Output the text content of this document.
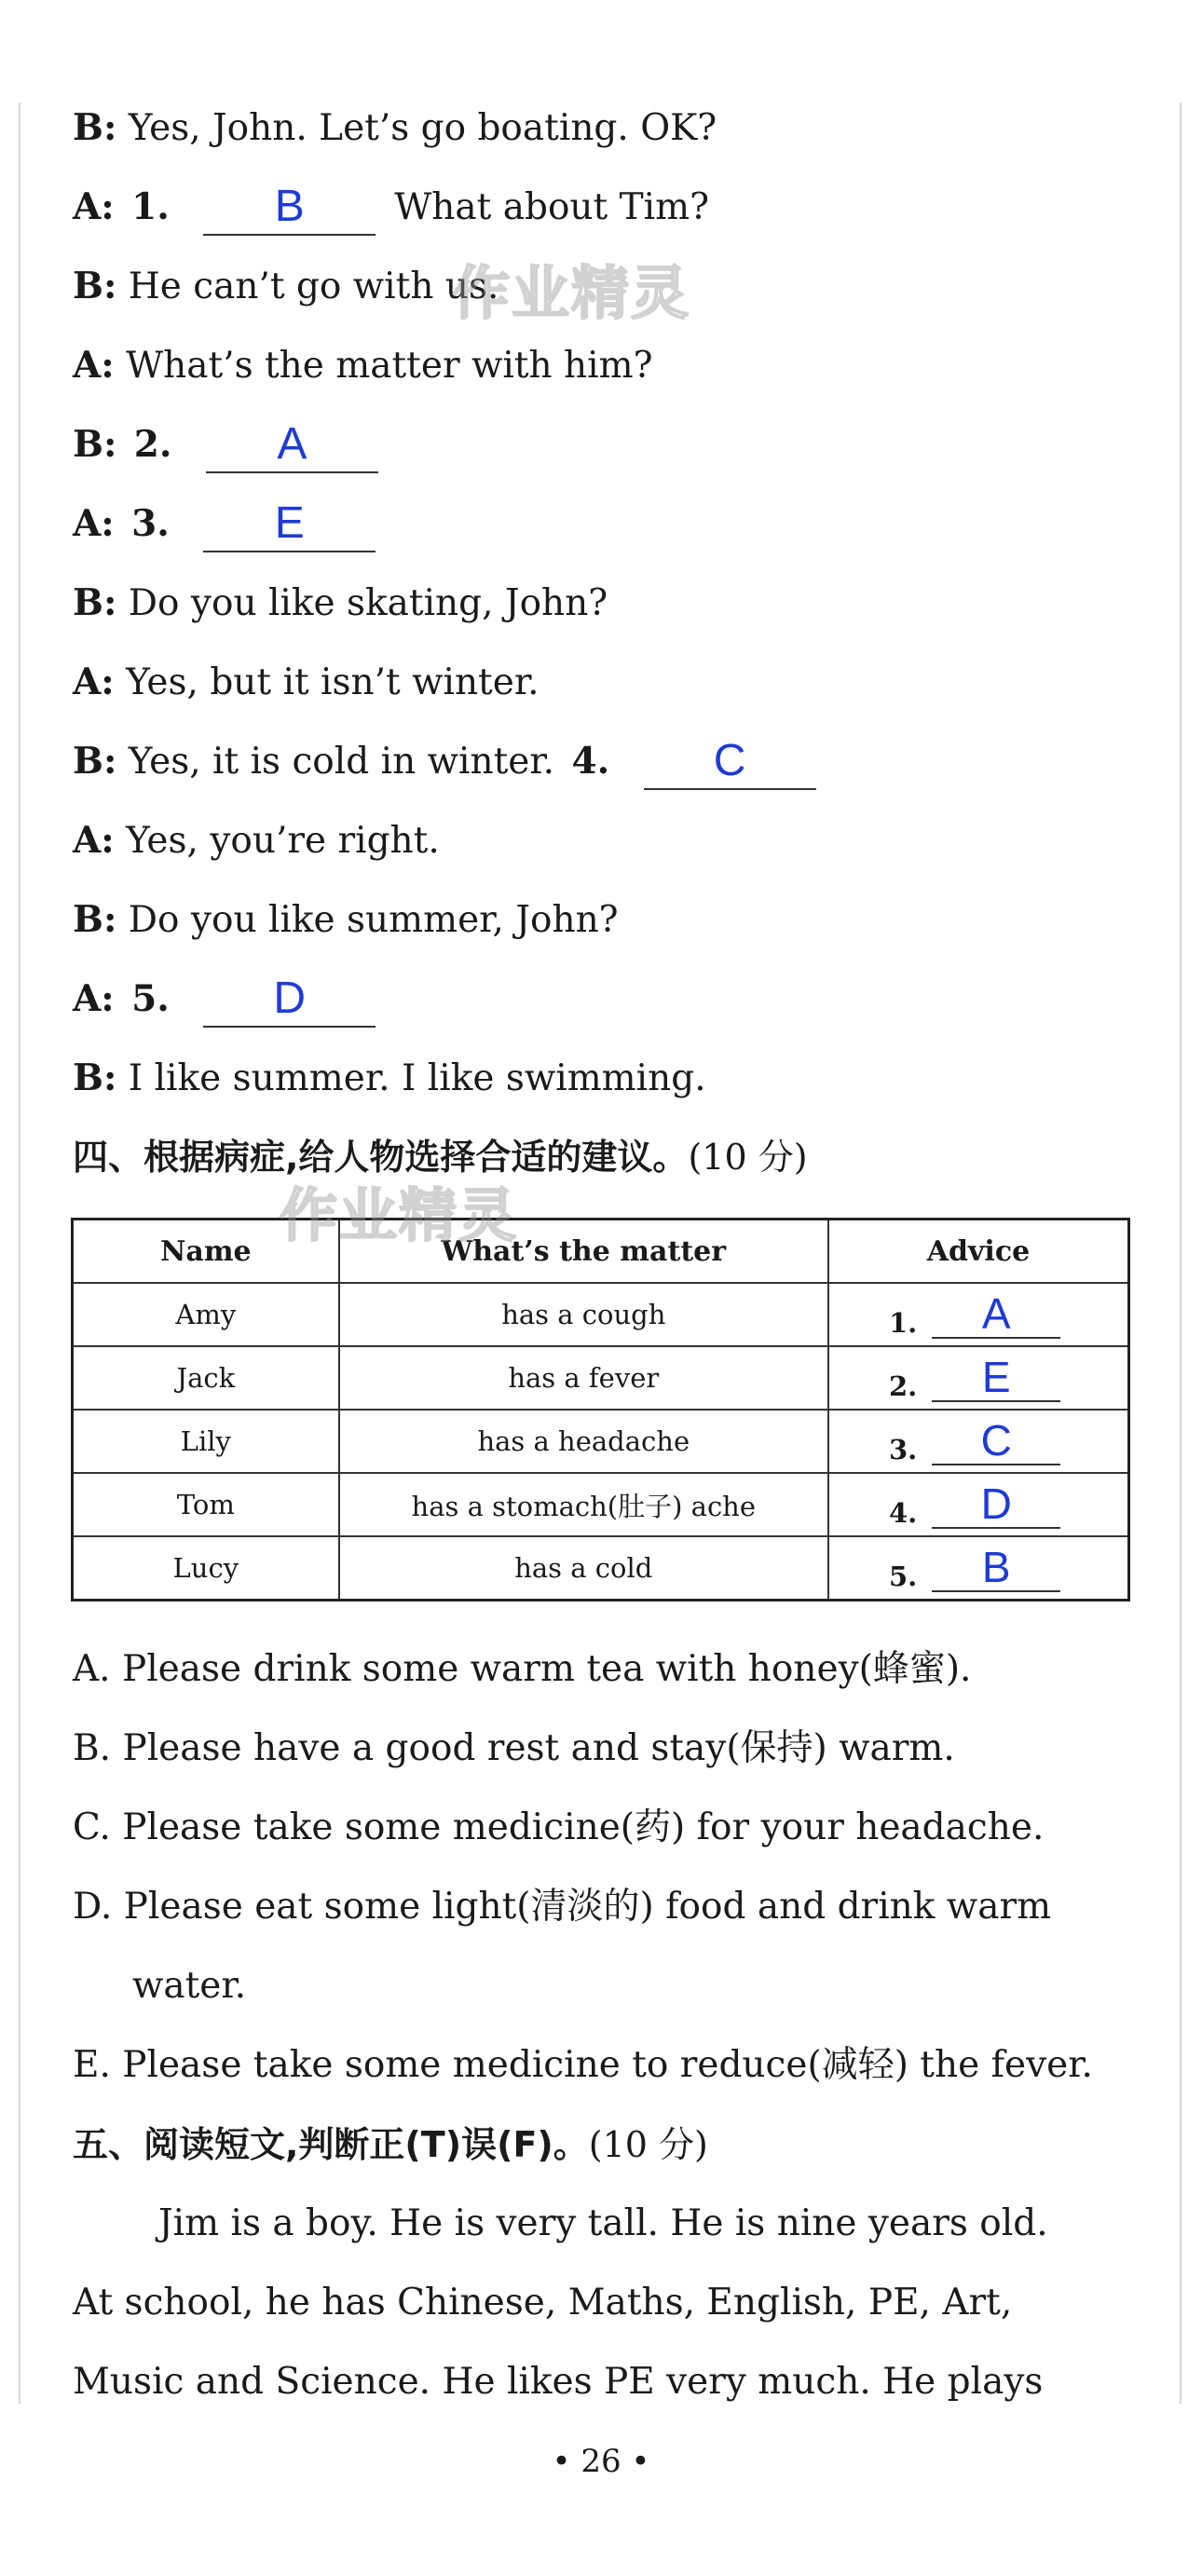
B: Yes, John. Let’s go boating. OK?
A: 1. B What about Tim?
B: He can’t go with us.
A: What’s the matter with him?
B: 2. A
A: 3. E
B: Do you like skating, John?
A: Yes, but it isn’t winter.
B: Yes, it is cold in winter. 4. C
A: Yes, you’re right.
B: Do you like summer, John?
A: 5. D
B: I like summer. I like swimming.
四、根据病症,给人物选择合适的建议。(10 分)
Name	What’s the matter	Advice
Amy	has a cough	1. A
Jack	has a fever	2. E
Lily	has a headache	3. C
Tom	has a stomach(肚子) ache	4. D
Lucy	has a cold	5. B
A. Please drink some warm tea with honey(蜂蜜).
B. Please have a good rest and stay(保持) warm.
C. Please take some medicine(药) for your headache.
D. Please eat some light(清淡的) food and drink warm
water.
E. Please take some medicine to reduce(减轻) the fever.
五、阅读短文,判断正(T)误(F)。(10 分)
Jim is a boy. He is very tall. He is nine years old.
At school, he has Chinese, Maths, English, PE, Art,
Music and Science. He likes PE very much. He plays
作业精灵
作业精灵
• 26 •
